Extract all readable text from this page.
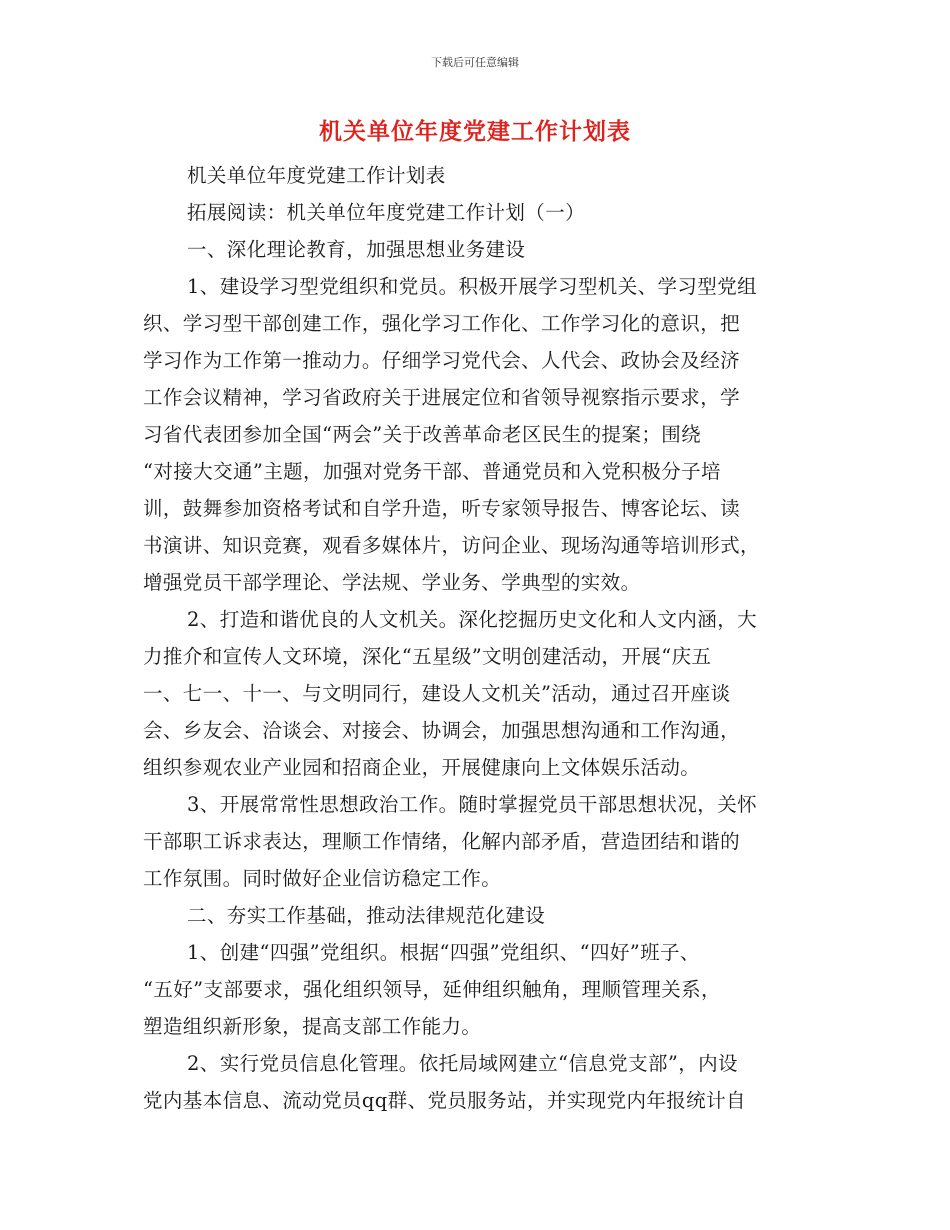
下载后可任意编辑
机关单位年度党建工作计划表
机关单位年度党建工作计划表
拓展阅读：机关单位年度党建工作计划（一）
一、深化理论教育，加强思想业务建设
1、建设学习型党组织和党员。积极开展学习型机关、学习型党组
织、学习型干部创建工作，强化学习工作化、工作学习化的意识，把
学习作为工作第一推动力。仔细学习党代会、人代会、政协会及经济
工作会议精神，学习省政府关于进展定位和省领导视察指示要求，学
习省代表团参加全国“两会”关于改善革命老区民生的提案；围绕
“对接大交通”主题，加强对党务干部、普通党员和入党积极分子培
训，鼓舞参加资格考试和自学升造，听专家领导报告、博客论坛、读
书演讲、知识竞赛，观看多媒体片，访问企业、现场沟通等培训形式，
增强党员干部学理论、学法规、学业务、学典型的实效。
2、打造和谐优良的人文机关。深化挖掘历史文化和人文内涵，大
力推介和宣传人文环境，深化“五星级”文明创建活动，开展“庆五
一、七一、十一、与文明同行，建设人文机关”活动，通过召开座谈
会、乡友会、洽谈会、对接会、协调会，加强思想沟通和工作沟通，
组织参观农业产业园和招商企业，开展健康向上文体娱乐活动。
3、开展常常性思想政治工作。随时掌握党员干部思想状况，关怀
干部职工诉求表达，理顺工作情绪，化解内部矛盾，营造团结和谐的
工作氛围。同时做好企业信访稳定工作。
二、夯实工作基础，推动法律规范化建设
1、创建“四强”党组织。根据“四强”党组织、“四好”班子、
“五好”支部要求，强化组织领导，延伸组织触角，理顺管理关系，
塑造组织新形象，提高支部工作能力。
2、实行党员信息化管理。依托局域网建立“信息党支部”，内设
党内基本信息、流动党员qq群、党员服务站，并实现党内年报统计自
